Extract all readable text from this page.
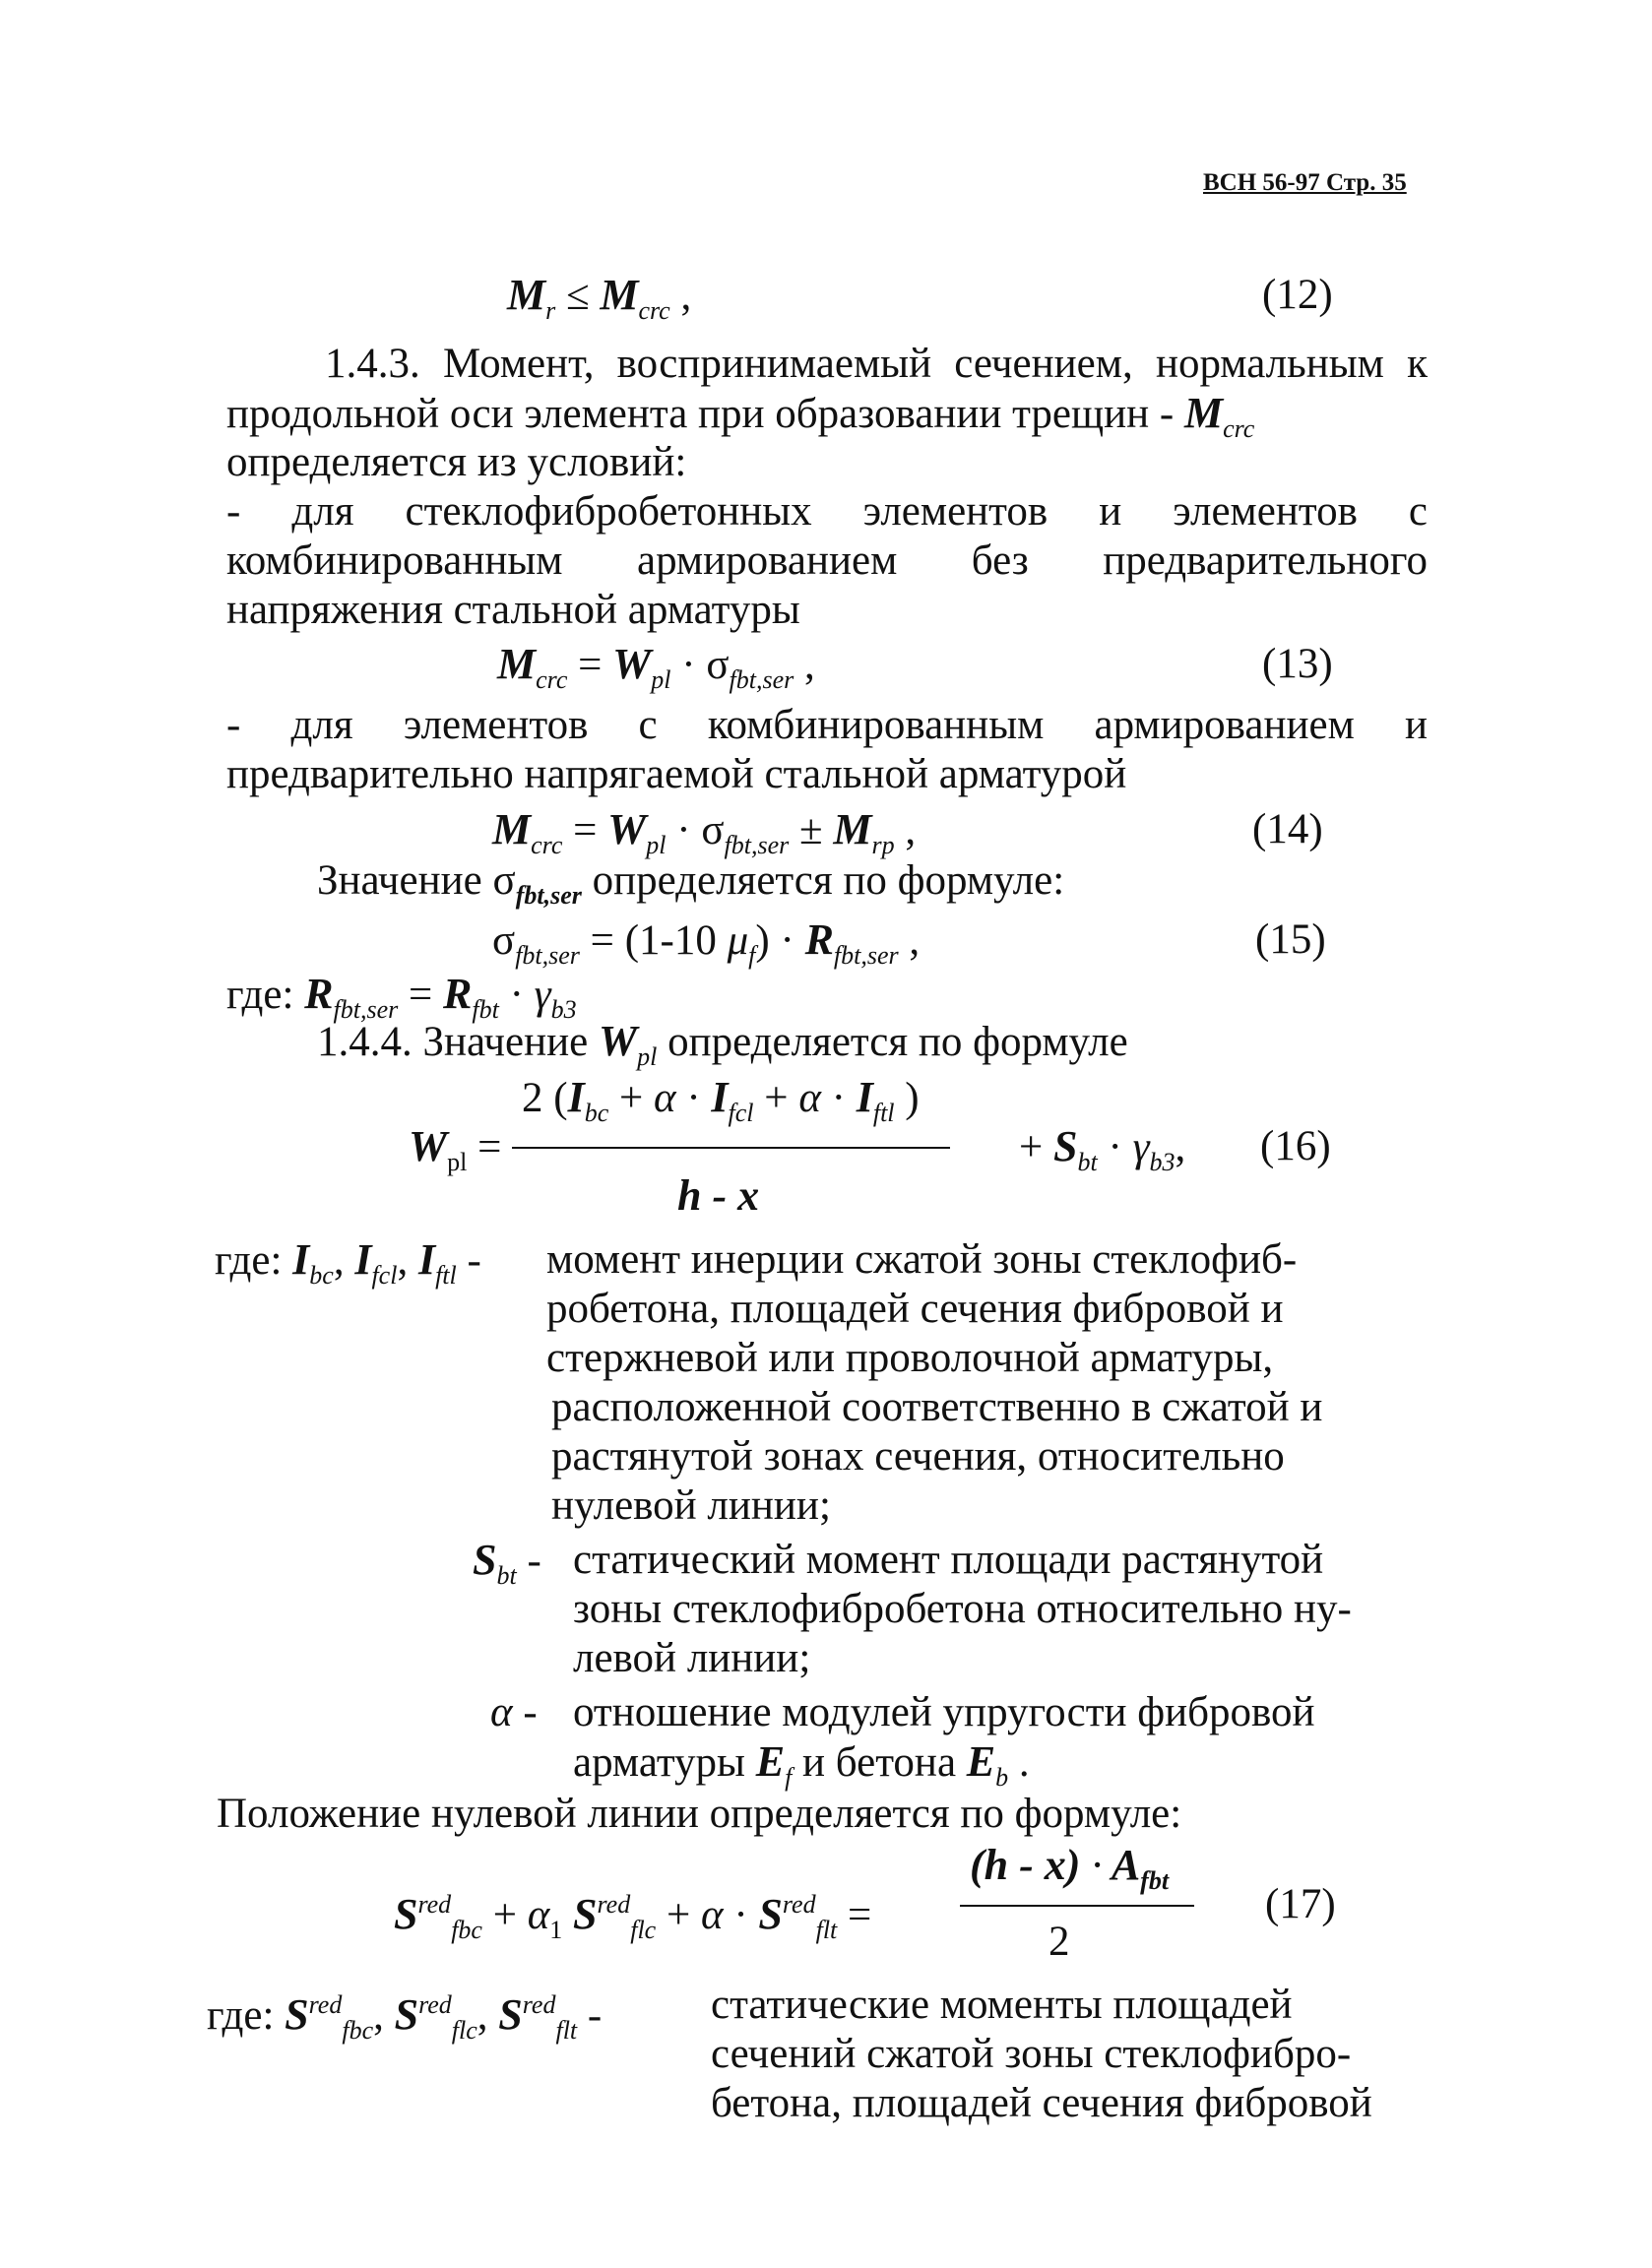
ВСН 56-97 Стр. 35
$M_r \le M_{crc}$ ,	(12)
1.4.3. Момент, воспринимаемый сечением, нормальным к
продольной оси элемента при образовании трещин - $M_{crc}$
определяется из условий:
- для стеклофибробетонных элементов и элементов с
комбинированным армированием без предварительного
напряжения стальной арматуры
$M_{crc} = W_{pl} \cdot \sigma_{fbt,ser}$ ,	(13)
- для элементов с комбинированным армированием и
предварительно напрягаемой стальной арматурой
$M_{crc} = W_{pl} \cdot \sigma_{fbt,ser} \pm M_{rp}$ ,	(14)
Значение $\sigma_{fbt,ser}$ определяется по формуле:
$\sigma_{fbt,ser} = (1-10$ $\mu_f) \cdot R_{fbt,ser}$ ,	(15)
где: $R_{fbt,ser} = R_{fbt} \cdot \gamma_{b3}$
1.4.4. Значение $W_{pl}$ определяется по формуле
2 ($I_{bc} + \alpha \cdot I_{fcl} + \alpha \cdot I_{ftl}$ )
$W_{pl}$ =
h - x
+ $S_{bt} \cdot \gamma_{b3}$, (16)
где: $I_{bc}$, $I_{fcl}$, $I_{ftl}$ - момент инерции сжатой зоны стеклофиб-
робетона, площадей сечения фибровой и
стержневой или проволочной арматуры,
расположенной соответственно в сжатой и
растянутой зонах сечения, относительно
нулевой линии;
$S_{bt}$ - статический момент площади растянутой
зоны стеклофибробетона относительно ну-
левой линии;
α - отношение модулей упругости фибровой
арматуры $E_f$ и бетона $E_b$ .
Положение нулевой линии определяется по формуле:
$(h - x) \cdot A_{fbt}$
$S^{red}_{fbc} + \alpha_1$ $S^{red}_{flc} + \alpha \cdot S^{red}_{flt}$ =
2
(17)
где: $S^{red}_{fbc}$, $S^{red}_{flc}$, $S^{red}_{flt}$ -	статические моменты площадей
сечений сжатой зоны стеклофибро-
бетона, площадей сечения фибровой
